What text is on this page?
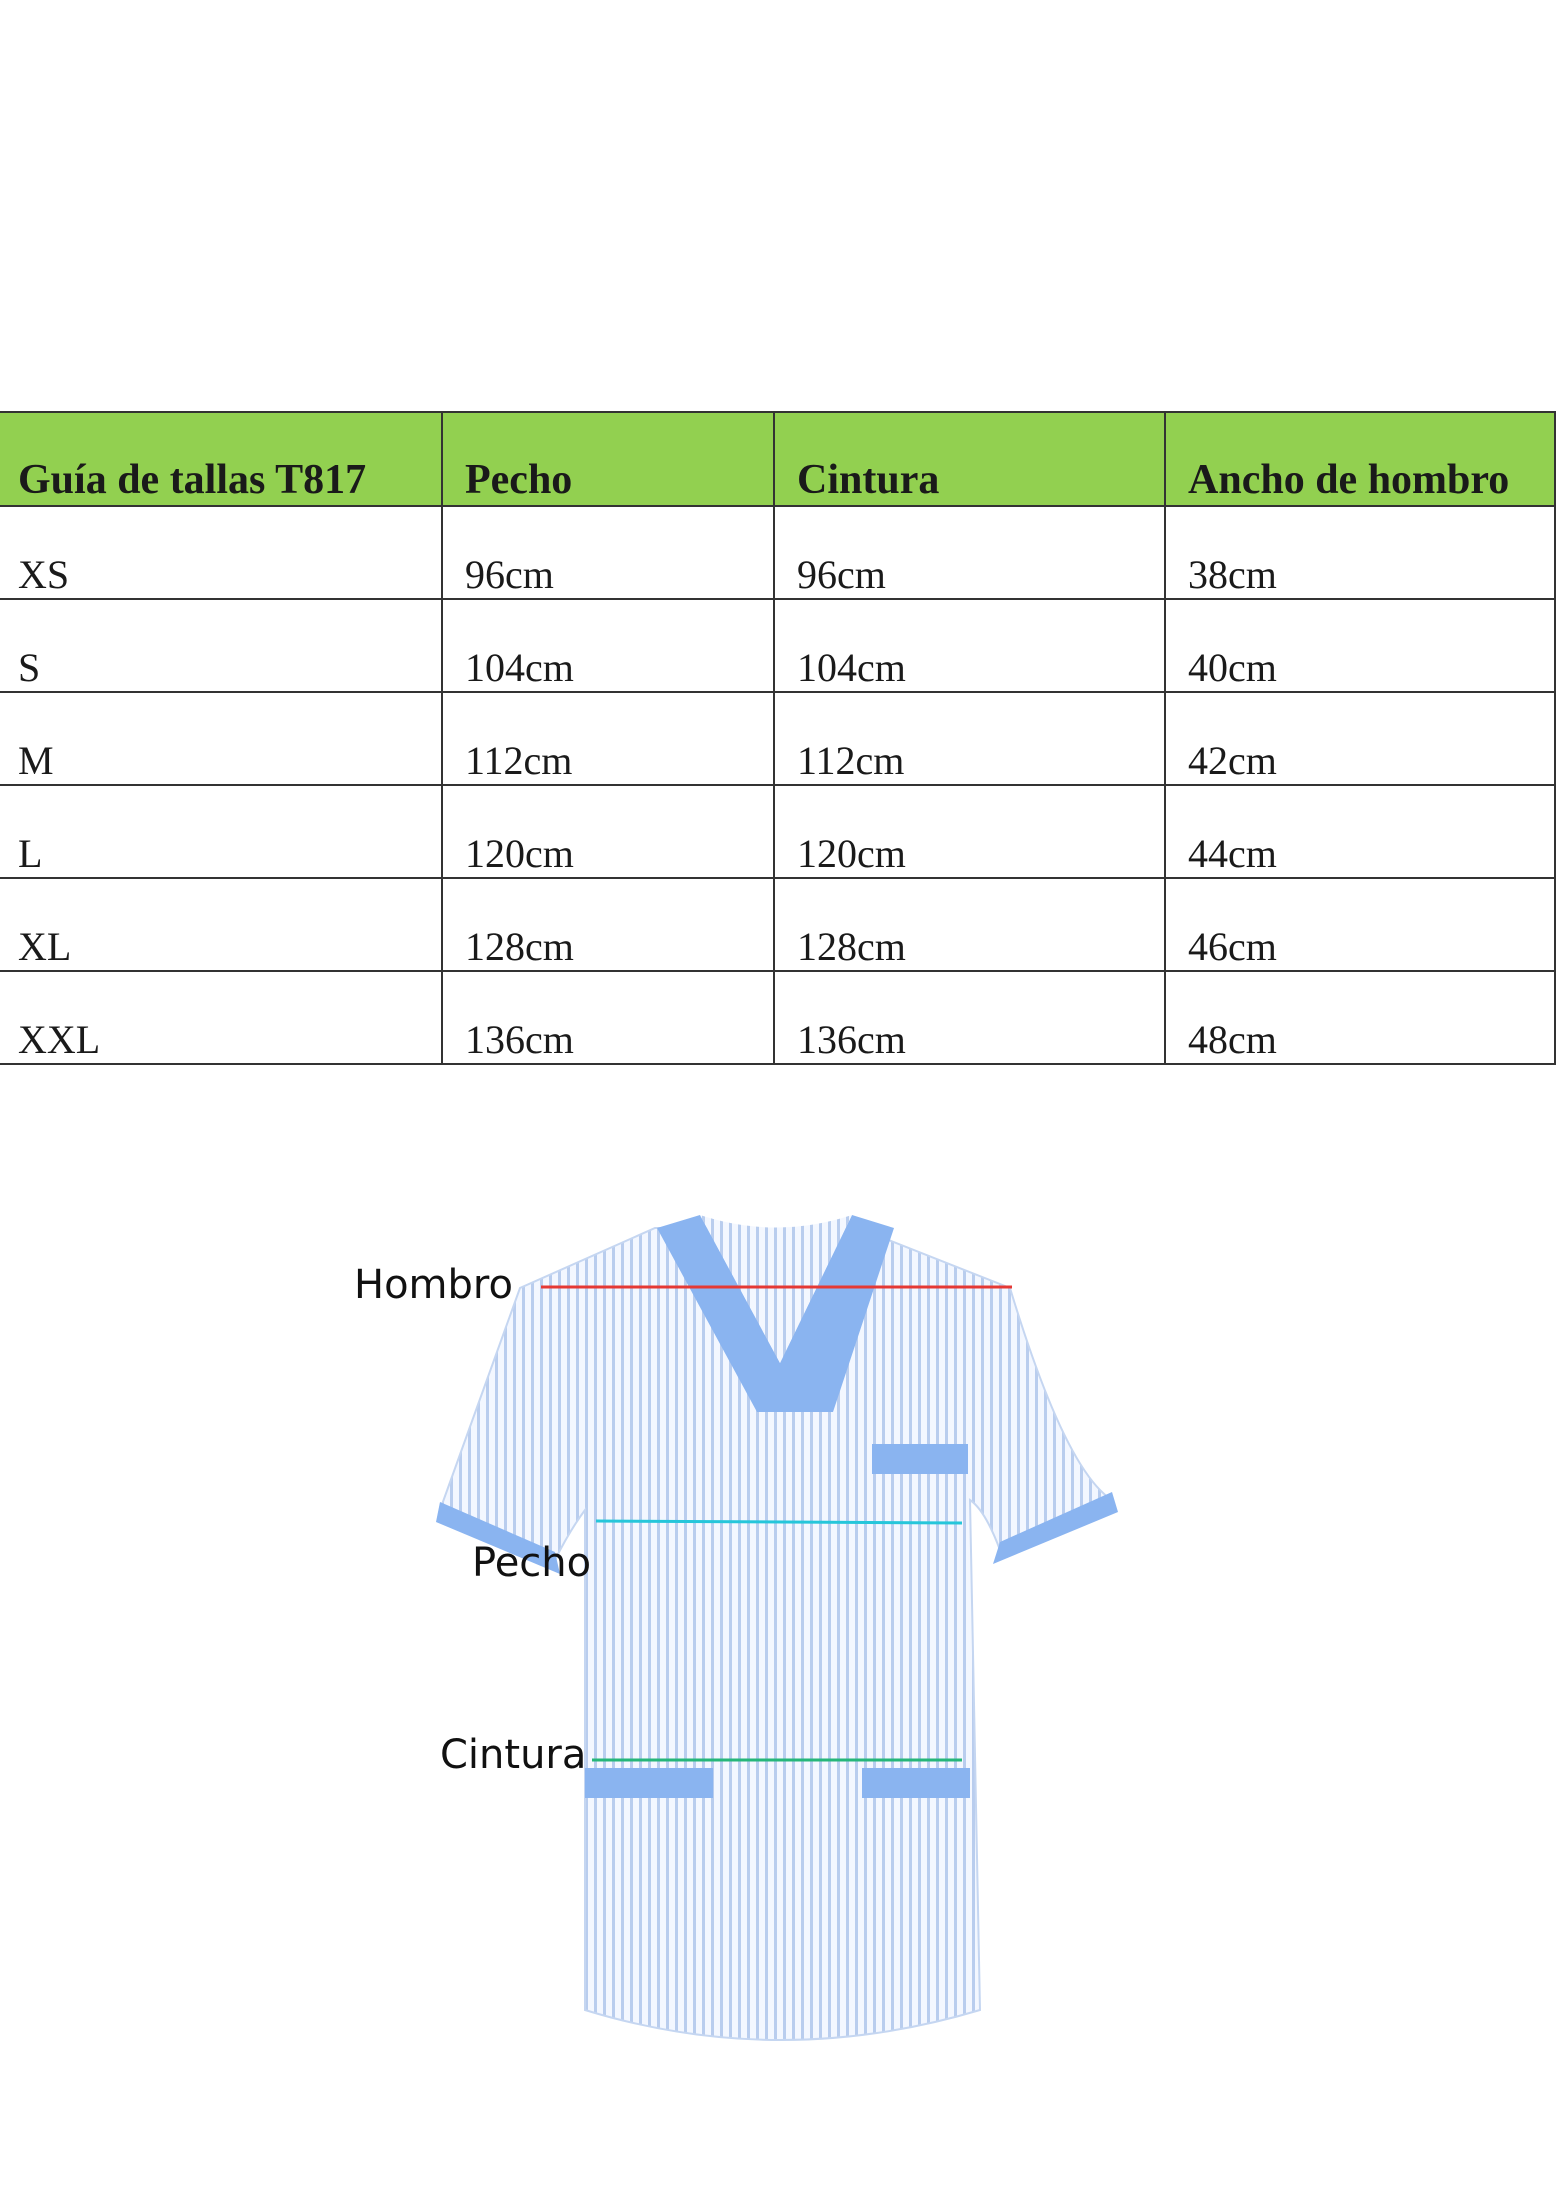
Guía de tallas T817	Pecho	Cintura	Ancho de hombro
XS	96cm	96cm	38cm
S	104cm	104cm	40cm
M	112cm	112cm	42cm
L	120cm	120cm	44cm
XL	128cm	128cm	46cm
XXL	136cm	136cm	48cm
Hombro
Pecho
Cintura
